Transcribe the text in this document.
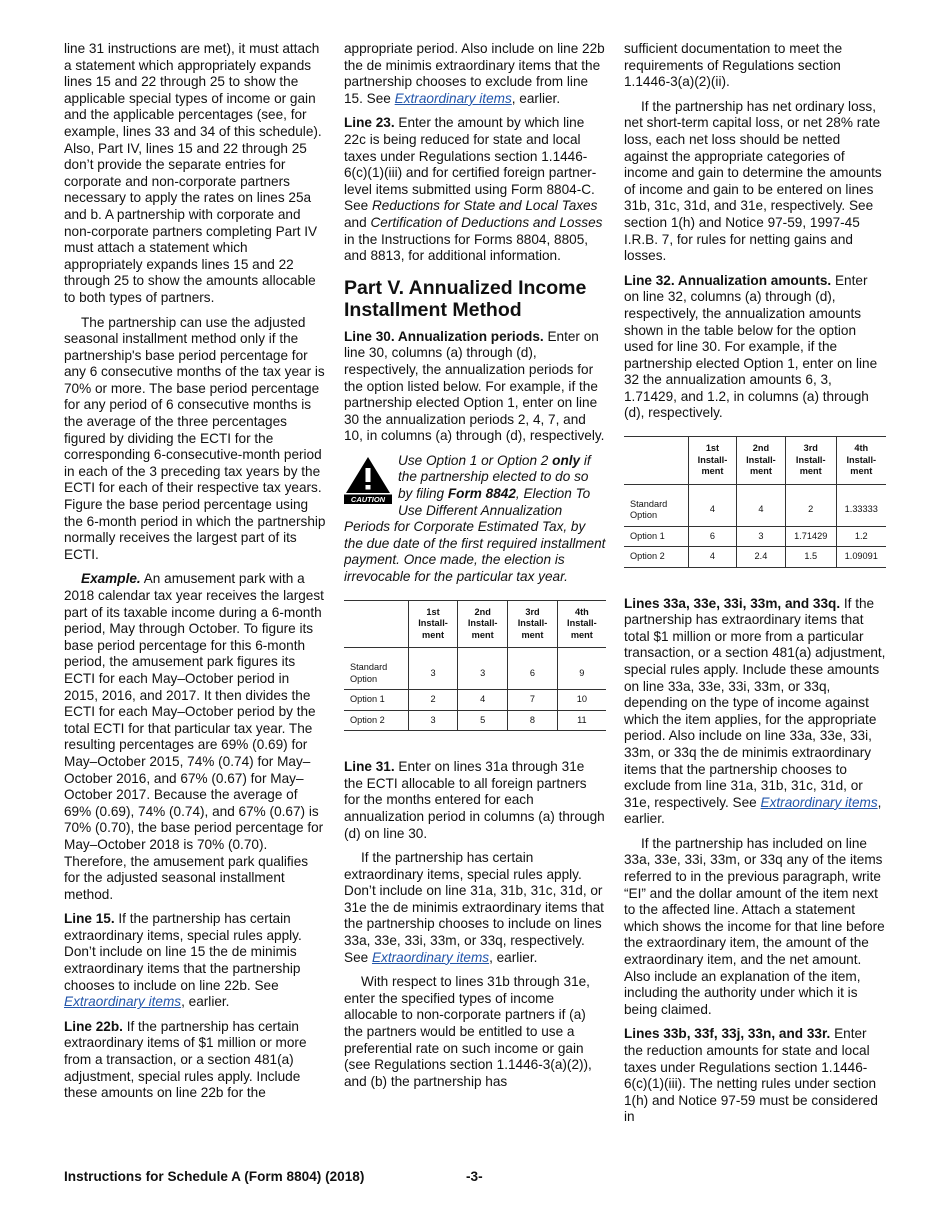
line 31 instructions are met), it must attach a statement which appropriately expands lines 15 and 22 through 25 to show the applicable special types of income or gain and the applicable percentages (see, for example, lines 33 and 34 of this schedule). Also, Part IV, lines 15 and 22 through 25 don’t provide the separate entries for corporate and non-corporate partners necessary to apply the rates on lines 25a and b. A partnership with corporate and non-corporate partners completing Part IV must attach a statement which appropriately expands lines 15 and 22 through 25 to show the amounts allocable to both types of partners.

The partnership can use the adjusted seasonal installment method only if the partnership's base period percentage for any 6 consecutive months of the tax year is 70% or more. The base period percentage for any period of 6 consecutive months is the average of the three percentages figured by dividing the ECTI for the corresponding 6-consecutive-month period in each of the 3 preceding tax years by the ECTI for each of their respective tax years. Figure the base period percentage using the 6-month period in which the partnership normally receives the largest part of its ECTI.

Example. An amusement park with a 2018 calendar tax year receives the largest part of its taxable income during a 6-month period, May through October. To figure its base period percentage for this 6-month period, the amusement park figures its ECTI for each May–October period in 2015, 2016, and 2017. It then divides the ECTI for each May–October period by the total ECTI for that particular tax year. The resulting percentages are 69% (0.69) for May–October 2015, 74% (0.74) for May–October 2016, and 67% (0.67) for May–October 2017. Because the average of 69% (0.69), 74% (0.74), and 67% (0.67) is 70% (0.70), the base period percentage for May–October 2018 is 70% (0.70). Therefore, the amusement park qualifies for the adjusted seasonal installment method.

Line 15. If the partnership has certain extraordinary items, special rules apply. Don’t include on line 15 the de minimis extraordinary items that the partnership chooses to include on line 22b. See Extraordinary items, earlier.

Line 22b. If the partnership has certain extraordinary items of $1 million or more from a transaction, or a section 481(a) adjustment, special rules apply. Include these amounts on line 22b for the

appropriate period. Also include on line 22b the de minimis extraordinary items that the partnership chooses to exclude from line 15. See Extraordinary items, earlier.

Line 23. Enter the amount by which line 22c is being reduced for state and local taxes under Regulations section 1.1446-6(c)(1)(iii) and for certified foreign partner-level items submitted using Form 8804-C. See Reductions for State and Local Taxes and Certification of Deductions and Losses in the Instructions for Forms 8804, 8805, and 8813, for additional information.

Part V. Annualized Income Installment Method

Line 30. Annualization periods. Enter on line 30, columns (a) through (d), respectively, the annualization periods for the option listed below. For example, if the partnership elected Option 1, enter on line 30 the annualization periods 2, 4, 7, and 10, in columns (a) through (d), respectively.

CAUTION
Use Option 1 or Option 2 only if the partnership elected to do so by filing Form 8842, Election To Use Different Annualization Periods for Corporate Estimated Tax, by the due date of the first required installment payment. Once made, the election is irrevocable for the particular tax year.
	1st Install-ment	2nd Install-ment	3rd Install-ment	4th Install-ment
Standard Option	3	3	6	9
Option 1	2	4	7	10
Option 2	3	5	8	11

Line 31. Enter on lines 31a through 31e the ECTI allocable to all foreign partners for the months entered for each annualization period in columns (a) through (d) on line 30.

If the partnership has certain extraordinary items, special rules apply. Don’t include on line 31a, 31b, 31c, 31d, or 31e the de minimis extraordinary items that the partnership chooses to include on lines 33a, 33e, 33i, 33m, or 33q, respectively. See Extraordinary items, earlier.

With respect to lines 31b through 31e, enter the specified types of income allocable to non-corporate partners if (a) the partners would be entitled to use a preferential rate on such income or gain (see Regulations section 1.1446-3(a)(2)), and (b) the partnership has

sufficient documentation to meet the requirements of Regulations section 1.1446-3(a)(2)(ii).

If the partnership has net ordinary loss, net short-term capital loss, or net 28% rate loss, each net loss should be netted against the appropriate categories of income and gain to determine the amounts of income and gain to be entered on lines 31b, 31c, 31d, and 31e, respectively. See section 1(h) and Notice 97-59, 1997-45 I.R.B. 7, for rules for netting gains and losses.

Line 32. Annualization amounts. Enter on line 32, columns (a) through (d), respectively, the annualization amounts shown in the table below for the option used for line 30. For example, if the partnership elected Option 1, enter on line 32 the annualization amounts 6, 3, 1.71429, and 1.2, in columns (a) through (d), respectively.

	1st Install-ment	2nd Install-ment	3rd Install-ment	4th Install-ment
Standard Option	4	4	2	1.33333
Option 1	6	3	1.71429	1.2
Option 2	4	2.4	1.5	1.09091

Lines 33a, 33e, 33i, 33m, and 33q. If the partnership has extraordinary items that total $1 million or more from a particular transaction, or a section 481(a) adjustment, special rules apply. Include these amounts on line 33a, 33e, 33i, 33m, or 33q, depending on the type of income against which the item applies, for the appropriate period. Also include on line 33a, 33e, 33i, 33m, or 33q the de minimis extraordinary items that the partnership chooses to exclude from line 31a, 31b, 31c, 31d, or 31e, respectively. See Extraordinary items, earlier.

If the partnership has included on line 33a, 33e, 33i, 33m, or 33q any of the items referred to in the previous paragraph, write “EI” and the dollar amount of the item next to the affected line. Attach a statement which shows the income for that line before the extraordinary item, the amount of the extraordinary item, and the net amount. Also include an explanation of the item, including the authority under which it is being claimed.

Lines 33b, 33f, 33j, 33n, and 33r. Enter the reduction amounts for state and local taxes under Regulations section 1.1446-6(c)(1)(iii). The netting rules under section 1(h) and Notice 97-59 must be considered in

Instructions for Schedule A (Form 8804) (2018)	-3-
